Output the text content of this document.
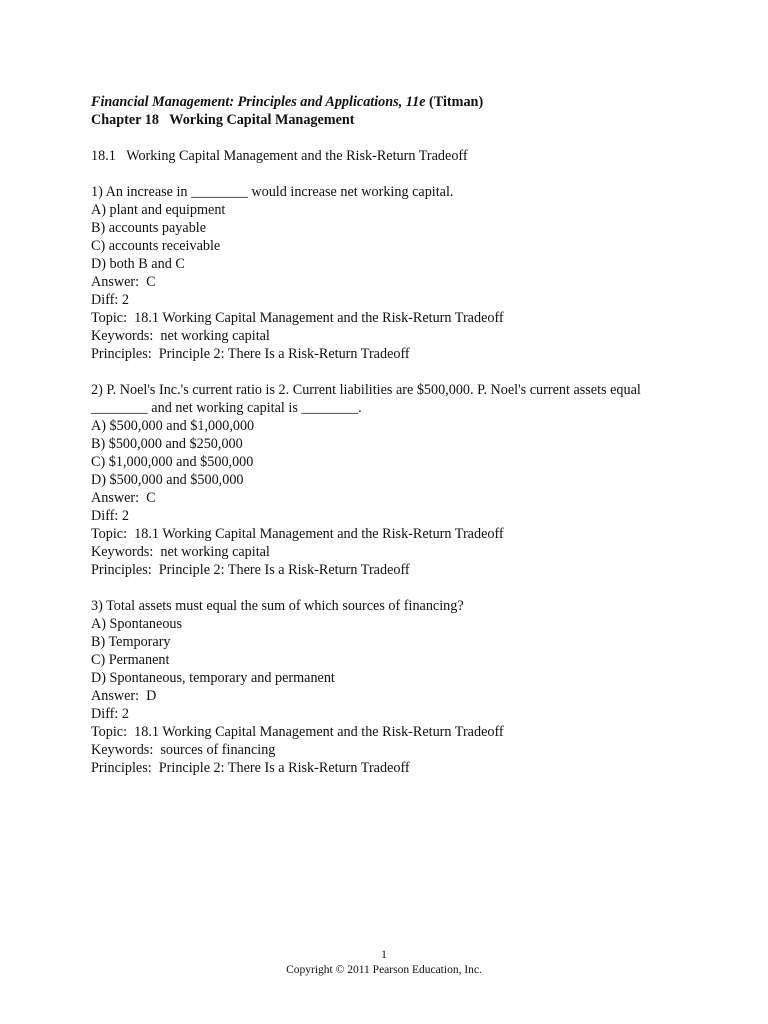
Financial Management: Principles and Applications, 11e (Titman)
Chapter 18   Working Capital Management
18.1   Working Capital Management and the Risk-Return Tradeoff
1) An increase in ________ would increase net working capital.
A) plant and equipment
B) accounts payable
C) accounts receivable
D) both B and C
Answer:  C
Diff: 2
Topic:  18.1 Working Capital Management and the Risk-Return Tradeoff
Keywords:  net working capital
Principles:  Principle 2: There Is a Risk-Return Tradeoff
2) P. Noel's Inc.'s current ratio is 2. Current liabilities are $500,000. P. Noel's current assets equal
________ and net working capital is ________.
A) $500,000 and $1,000,000
B) $500,000 and $250,000
C) $1,000,000 and $500,000
D) $500,000 and $500,000
Answer:  C
Diff: 2
Topic:  18.1 Working Capital Management and the Risk-Return Tradeoff
Keywords:  net working capital
Principles:  Principle 2: There Is a Risk-Return Tradeoff
3) Total assets must equal the sum of which sources of financing?
A) Spontaneous
B) Temporary
C) Permanent
D) Spontaneous, temporary and permanent
Answer:  D
Diff: 2
Topic:  18.1 Working Capital Management and the Risk-Return Tradeoff
Keywords:  sources of financing
Principles:  Principle 2: There Is a Risk-Return Tradeoff
1
Copyright © 2011 Pearson Education, Inc.
